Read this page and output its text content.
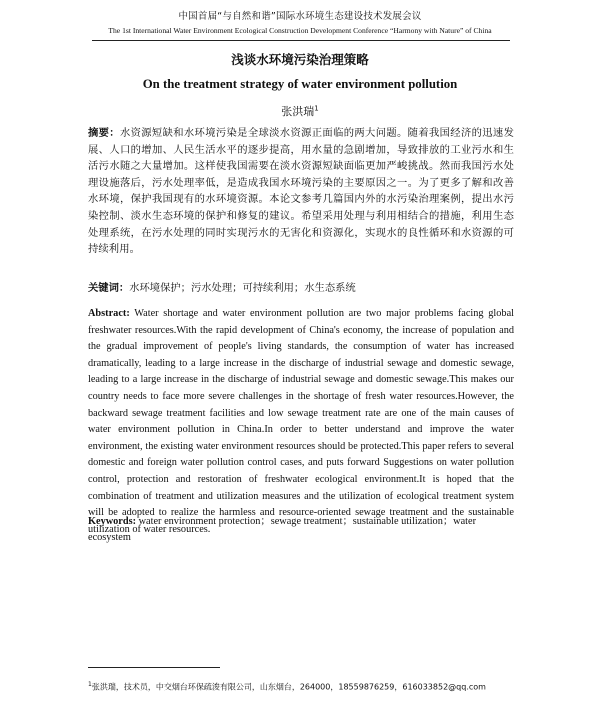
中国首届“与自然和谐”国际水环境生态建设技术发展会议
The 1st International Water Environment Ecological Construction Development Conference “Harmony with Nature” of China
浅谈水环境污染治理策略
On the treatment strategy of water environment pollution
张洪瑞$^1$

摘要：水资源短缺和水环境污染是全球淡水资源正面临的两大问题。随着我国经济的迅速发展、人口的增加、人民生活水平的逐步提高，用水量的急剧增加，导致排放的工业污水和生活污水随之大量增加。这样使我国需要在淡水资源短缺面临更加严峻挑战。然而我国污水处理设施落后，污水处理率低，是造成我国水环境污染的主要原因之一。为了更多了解和改善水环境，保护我国现有的水环境资源。本论文参考几篇国内外的水污染治理案例，提出水污染控制、淡水生态环境的保护和修复的建议。希望采用处理与利用相结合的措施，利用生态处理系统，在污水处理的同时实现污水的无害化和资源化，实现水的良性循环和水资源的可持续利用。

关键词：水环境保护；污水处理；可持续利用；水生态系统

Abstract: Water shortage and water environment pollution are two major problems facing global freshwater resources.With the rapid development of China's economy, the increase of population and the gradual improvement of people's living standards, the consumption of water has increased dramatically, leading to a large increase in the discharge of industrial sewage and domestic sewage, leading to a large increase in the discharge of industrial sewage and domestic sewage.This makes our country needs to face more severe challenges in the shortage of fresh water resources.However, the backward sewage treatment facilities and low sewage treatment rate are one of the main causes of water environment pollution in China.In order to better understand and improve the water environment, the existing water environment resources should be protected.This paper refers to several domestic and foreign water pollution control cases, and puts forward Suggestions on water pollution control, protection and restoration of freshwater ecological environment.It is hoped that the combination of treatment and utilization measures and the utilization of ecological treatment system will be adopted to realize the harmless and resource-oriented sewage treatment and the sustainable utilization of water resources.

Keywords: water environment protection；sewage treatment；sustainable utilization；water ecosystem

$^1$张洪瑞，技术员，中交烟台环保疏浚有限公司，山东烟台，264000，18559876259，616033852@qq.com
